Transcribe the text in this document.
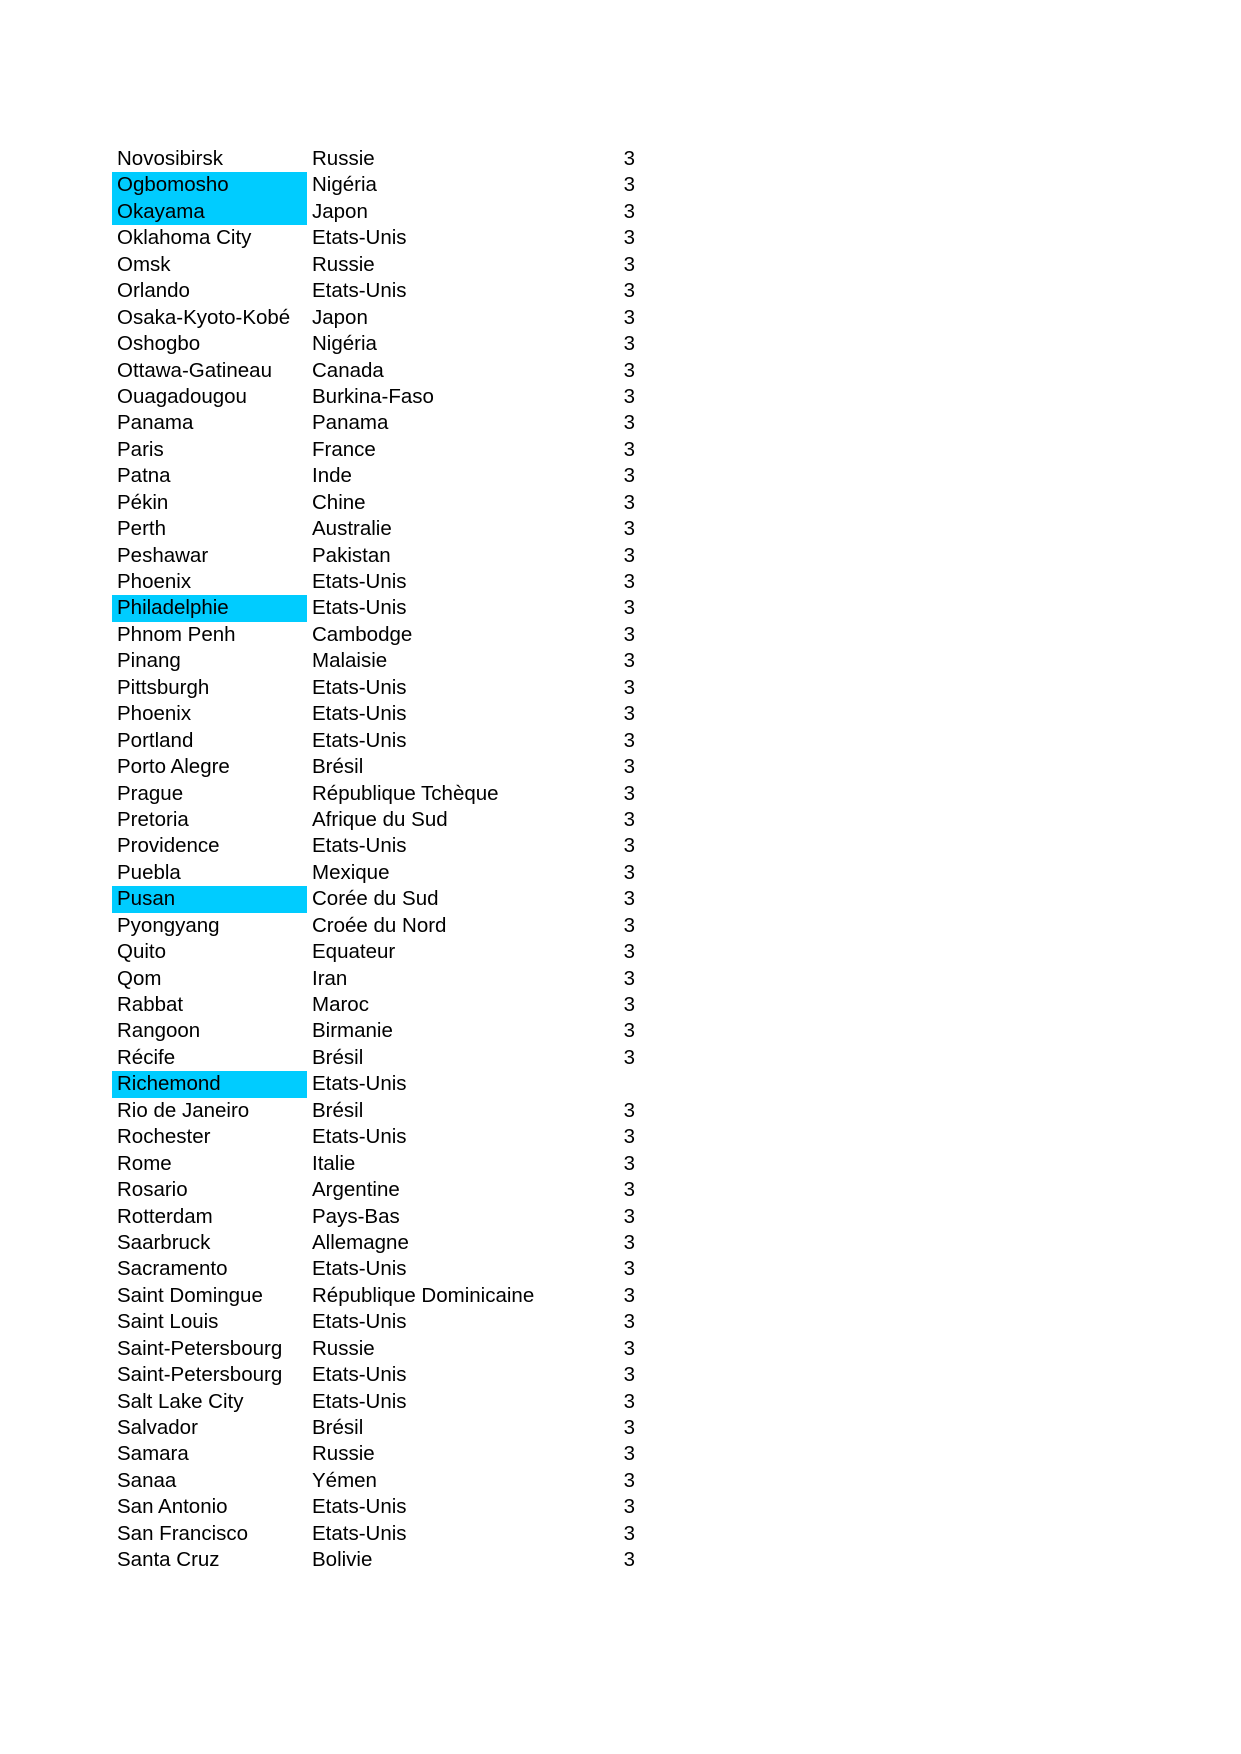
Novosibirsk	Russie	3
Ogbomosho	Nigéria	3
Okayama	Japon	3
Oklahoma City	Etats-Unis	3
Omsk	Russie	3
Orlando	Etats-Unis	3
Osaka-Kyoto-Kobé	Japon	3
Oshogbo	Nigéria	3
Ottawa-Gatineau	Canada	3
Ouagadougou	Burkina-Faso	3
Panama	Panama	3
Paris	France	3
Patna	Inde	3
Pékin	Chine	3
Perth	Australie	3
Peshawar	Pakistan	3
Phoenix	Etats-Unis	3
Philadelphie	Etats-Unis	3
Phnom Penh	Cambodge	3
Pinang	Malaisie	3
Pittsburgh	Etats-Unis	3
Phoenix	Etats-Unis	3
Portland	Etats-Unis	3
Porto Alegre	Brésil	3
Prague	République Tchèque	3
Pretoria	Afrique du Sud	3
Providence	Etats-Unis	3
Puebla	Mexique	3
Pusan	Corée du Sud	3
Pyongyang	Croée du Nord	3
Quito	Equateur	3
Qom	Iran	3
Rabbat	Maroc	3
Rangoon	Birmanie	3
Récife	Brésil	3
Richemond	Etats-Unis
Rio de Janeiro	Brésil	3
Rochester	Etats-Unis	3
Rome	Italie	3
Rosario	Argentine	3
Rotterdam	Pays-Bas	3
Saarbruck	Allemagne	3
Sacramento	Etats-Unis	3
Saint Domingue	République Dominicaine	3
Saint Louis	Etats-Unis	3
Saint-Petersbourg	Russie	3
Saint-Petersbourg	Etats-Unis	3
Salt Lake City	Etats-Unis	3
Salvador	Brésil	3
Samara	Russie	3
Sanaa	Yémen	3
San Antonio	Etats-Unis	3
San Francisco	Etats-Unis	3
Santa Cruz	Bolivie	3
